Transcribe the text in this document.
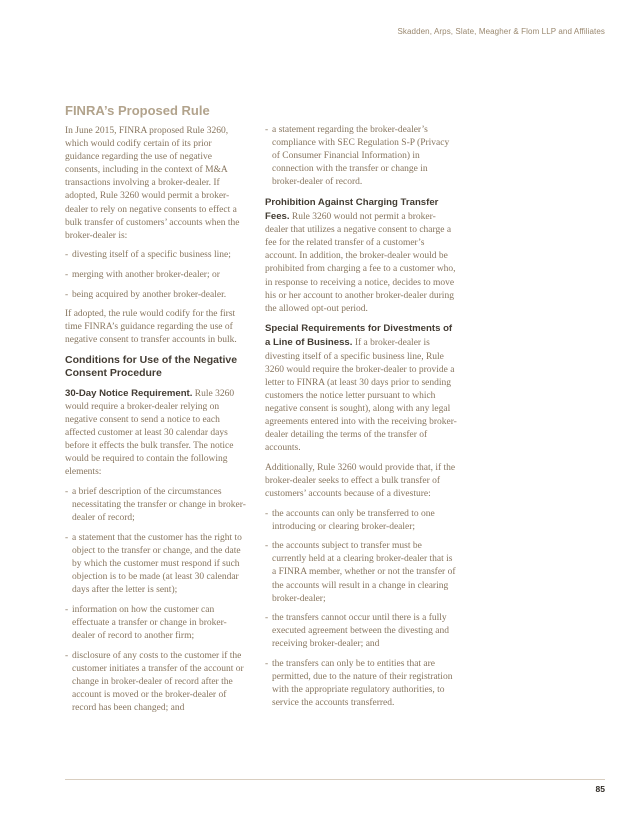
Skadden, Arps, Slate, Meagher & Flom LLP and Affiliates
FINRA’s Proposed Rule

In June 2015, FINRA proposed Rule 3260, which would codify certain of its prior guidance regarding the use of negative consents, including in the context of M&A transactions involving a broker-dealer. If adopted, Rule 3260 would permit a broker-dealer to rely on negative consents to effect a bulk transfer of customers’ accounts when the broker-dealer is:

- divesting itself of a specific business line;
- merging with another broker-dealer; or
- being acquired by another broker-dealer.

If adopted, the rule would codify for the first time FINRA’s guidance regarding the use of negative consent to transfer accounts in bulk.

Conditions for Use of the Negative Consent Procedure

30-Day Notice Requirement. Rule 3260 would require a broker-dealer relying on negative consent to send a notice to each affected customer at least 30 calendar days before it effects the bulk transfer. The notice would be required to contain the following elements:

- a brief description of the circumstances necessitating the transfer or change in broker-dealer of record;
- a statement that the customer has the right to object to the transfer or change, and the date by which the customer must respond if such objection is to be made (at least 30 calendar days after the letter is sent);
- information on how the customer can effectuate a transfer or change in broker-dealer of record to another firm;
- disclosure of any costs to the customer if the customer initiates a transfer of the account or change in broker-dealer of record after the account is moved or the broker-dealer of record has been changed; and
- a statement regarding the broker-dealer’s compliance with SEC Regulation S-P (Privacy of Consumer Financial Information) in connection with the transfer or change in broker-dealer of record.

Prohibition Against Charging Transfer Fees. Rule 3260 would not permit a broker-dealer that utilizes a negative consent to charge a fee for the related transfer of a customer’s account. In addition, the broker-dealer would be prohibited from charging a fee to a customer who, in response to receiving a notice, decides to move his or her account to another broker-dealer during the allowed opt-out period.

Special Requirements for Divestments of a Line of Business. If a broker-dealer is divesting itself of a specific business line, Rule 3260 would require the broker-dealer to provide a letter to FINRA (at least 30 days prior to sending customers the notice letter pursuant to which negative consent is sought), along with any legal agreements entered into with the receiving broker-dealer detailing the terms of the transfer of accounts.

Additionally, Rule 3260 would provide that, if the broker-dealer seeks to effect a bulk transfer of customers’ accounts because of a divesture:

- the accounts can only be transferred to one introducing or clearing broker-dealer;
- the accounts subject to transfer must be currently held at a clearing broker-dealer that is a FINRA member, whether or not the transfer of the accounts will result in a change in clearing broker-dealer;
- the transfers cannot occur until there is a fully executed agreement between the divesting and receiving broker-dealer; and
- the transfers can only be to entities that are permitted, due to the nature of their registration with the appropriate regulatory authorities, to service the accounts transferred.
85
